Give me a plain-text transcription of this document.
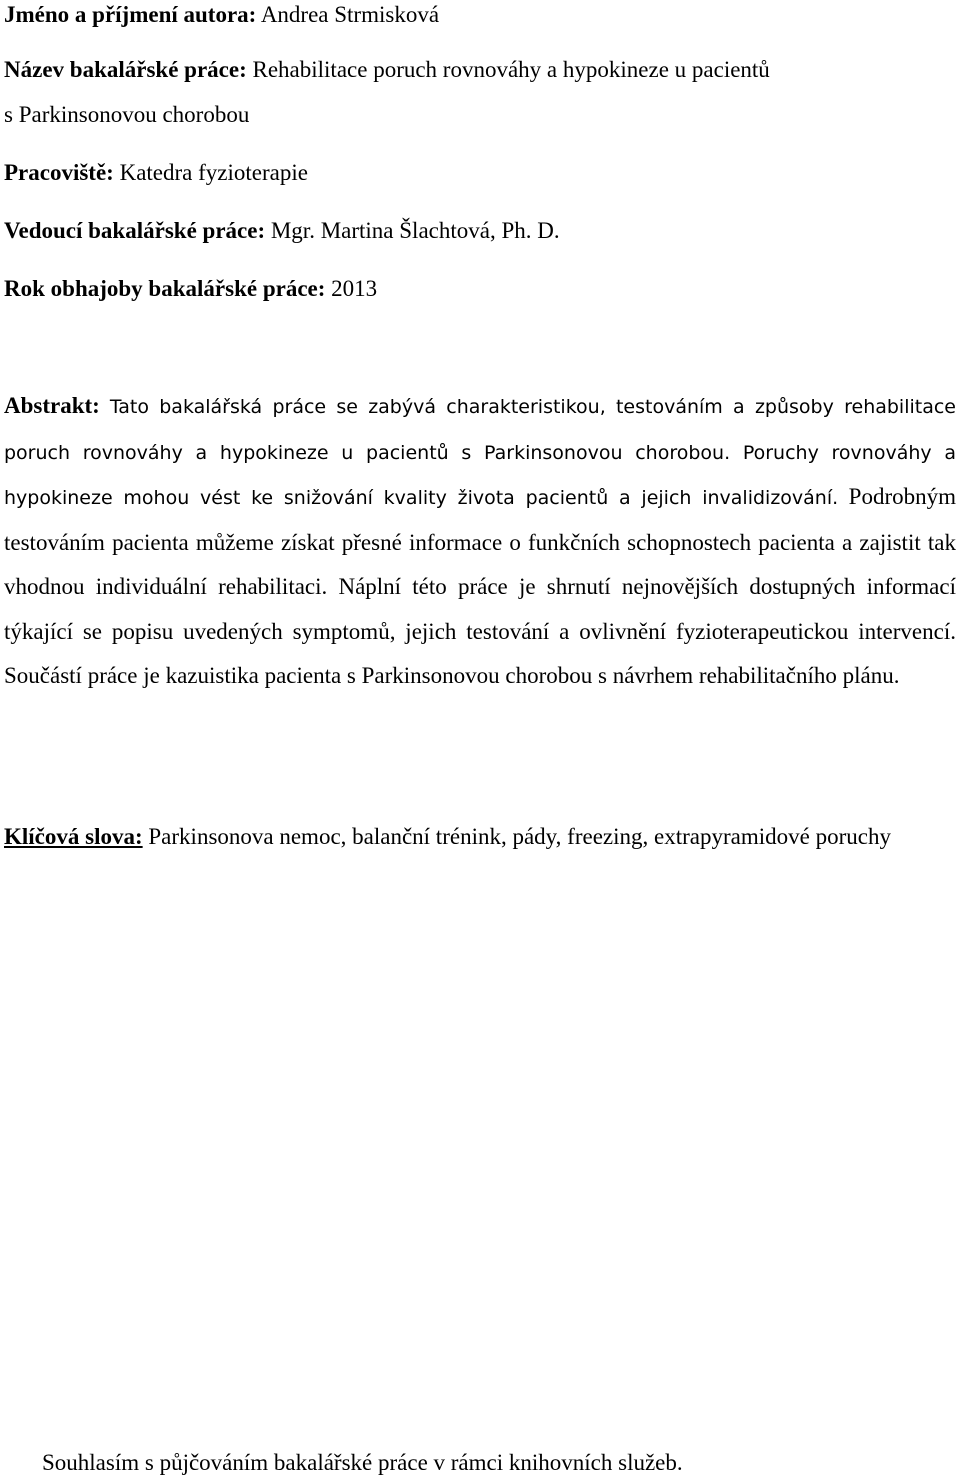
Jméno a příjmení autora: Andrea Strmisková
Název bakalářské práce: Rehabilitace poruch rovnováhy a hypokineze u pacientů
s Parkinsonovou chorobou
Pracoviště: Katedra fyzioterapie
Vedoucí bakalářské práce: Mgr. Martina Šlachtová, Ph. D.
Rok obhajoby bakalářské práce: 2013
Abstrakt: Tato bakalářská práce se zabývá charakteristikou, testováním a způsoby rehabilitace poruch rovnováhy a hypokineze u pacientů s Parkinsonovou chorobou. Poruchy rovnováhy a hypokineze mohou vést ke snižování kvality života pacientů a jejich invalidizování. Podrobným testováním pacienta můžeme získat přesné informace o funkčních schopnostech pacienta a zajistit tak vhodnou individuální rehabilitaci. Náplní této práce je shrnutí nejnovějších dostupných informací týkající se popisu uvedených symptomů, jejich testování a ovlivnění fyzioterapeutickou intervencí. Součástí práce je kazuistika pacienta s Parkinsonovou chorobou s návrhem rehabilitačního plánu.
Klíčová slova: Parkinsonova nemoc, balanční trénink, pády, freezing, extrapyramidové poruchy
Souhlasím s půjčováním bakalářské práce v rámci knihovních služeb.
